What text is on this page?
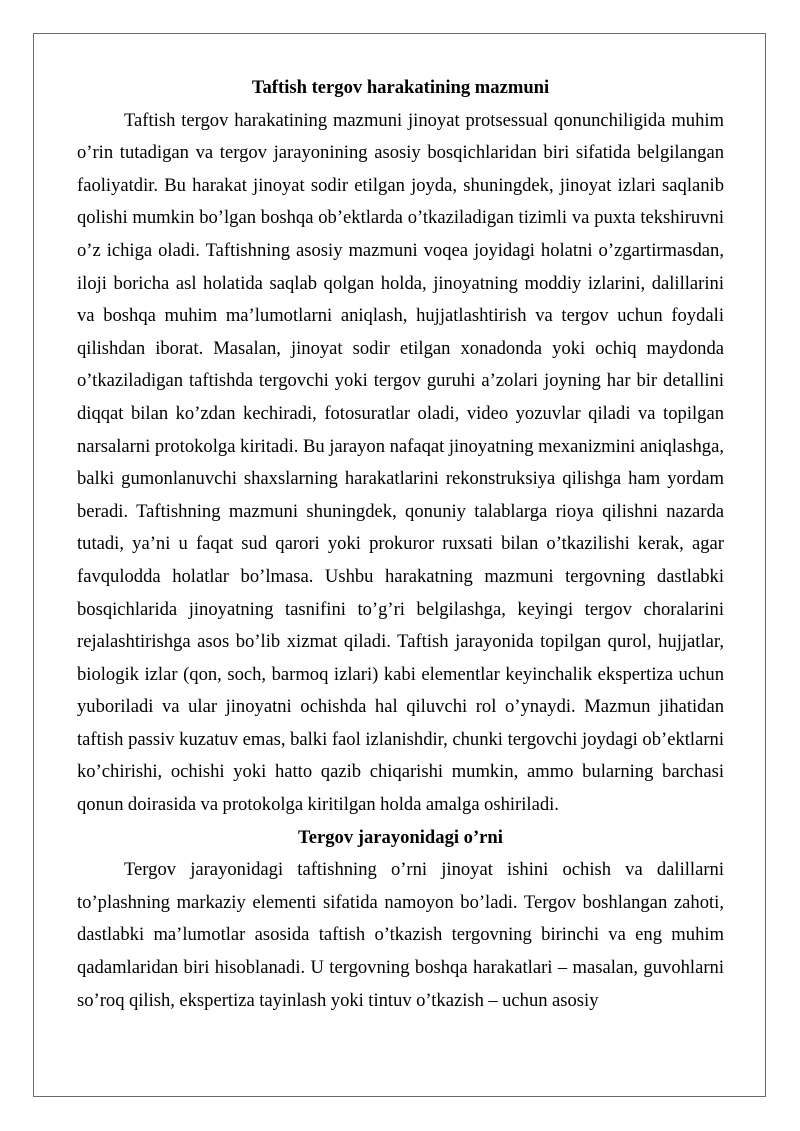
Taftish tergov harakatining mazmuni

Taftish tergov harakatining mazmuni jinoyat protsessual qonunchiligida muhim o’rin tutadigan va tergov jarayonining asosiy bosqichlaridan biri sifatida belgilangan faoliyatdir. Bu harakat jinoyat sodir etilgan joyda, shuningdek, jinoyat izlari saqlanib qolishi mumkin bo’lgan boshqa ob’ektlarda o’tkaziladigan tizimli va puxta tekshiruvni o’z ichiga oladi. Taftishning asosiy mazmuni voqea joyidagi holatni o’zgartirmasdan, iloji boricha asl holatida saqlab qolgan holda, jinoyatning moddiy izlarini, dalillarini va boshqa muhim ma’lumotlarni aniqlash, hujjatlashtirish va tergov uchun foydali qilishdan iborat. Masalan, jinoyat sodir etilgan xonadonda yoki ochiq maydonda o’tkaziladigan taftishda tergovchi yoki tergov guruhi a’zolari joyning har bir detallini diqqat bilan ko’zdan kechiradi, fotosuratlar oladi, video yozuvlar qiladi va topilgan narsalarni protokolga kiritadi. Bu jarayon nafaqat jinoyatning mexanizmini aniqlashga, balki gumonlanuvchi shaxslarning harakatlarini rekonstruksiya qilishga ham yordam beradi. Taftishning mazmuni shuningdek, qonuniy talablarga rioya qilishni nazarda tutadi, ya’ni u faqat sud qarori yoki prokuror ruxsati bilan o’tkazilishi kerak, agar favqulodda holatlar bo’lmasa. Ushbu harakatning mazmuni tergovning dastlabki bosqichlarida jinoyatning tasnifini to’g’ri belgilashga, keyingi tergov choralarini rejalashtirishga asos bo’lib xizmat qiladi. Taftish jarayonida topilgan qurol, hujjatlar, biologik izlar (qon, soch, barmoq izlari) kabi elementlar keyinchalik ekspertiza uchun yuboriladi va ular jinoyatni ochishda hal qiluvchi rol o’ynaydi. Mazmun jihatidan taftish passiv kuzatuv emas, balki faol izlanishdir, chunki tergovchi joydagi ob’ektlarni ko’chirishi, ochishi yoki hatto qazib chiqarishi mumkin, ammo bularning barchasi qonun doirasida va protokolga kiritilgan holda amalga oshiriladi.

Tergov jarayonidagi o’rni

Tergov jarayonidagi taftishning o’rni jinoyat ishini ochish va dalillarni to’plashning markaziy elementi sifatida namoyon bo’ladi. Tergov boshlangan zahoti, dastlabki ma’lumotlar asosida taftish o’tkazish tergovning birinchi va eng muhim qadamlaridan biri hisoblanadi. U tergovning boshqa harakatlari – masalan, guvohlarni so’roq qilish, ekspertiza tayinlash yoki tintuv o’tkazish – uchun asosiy
